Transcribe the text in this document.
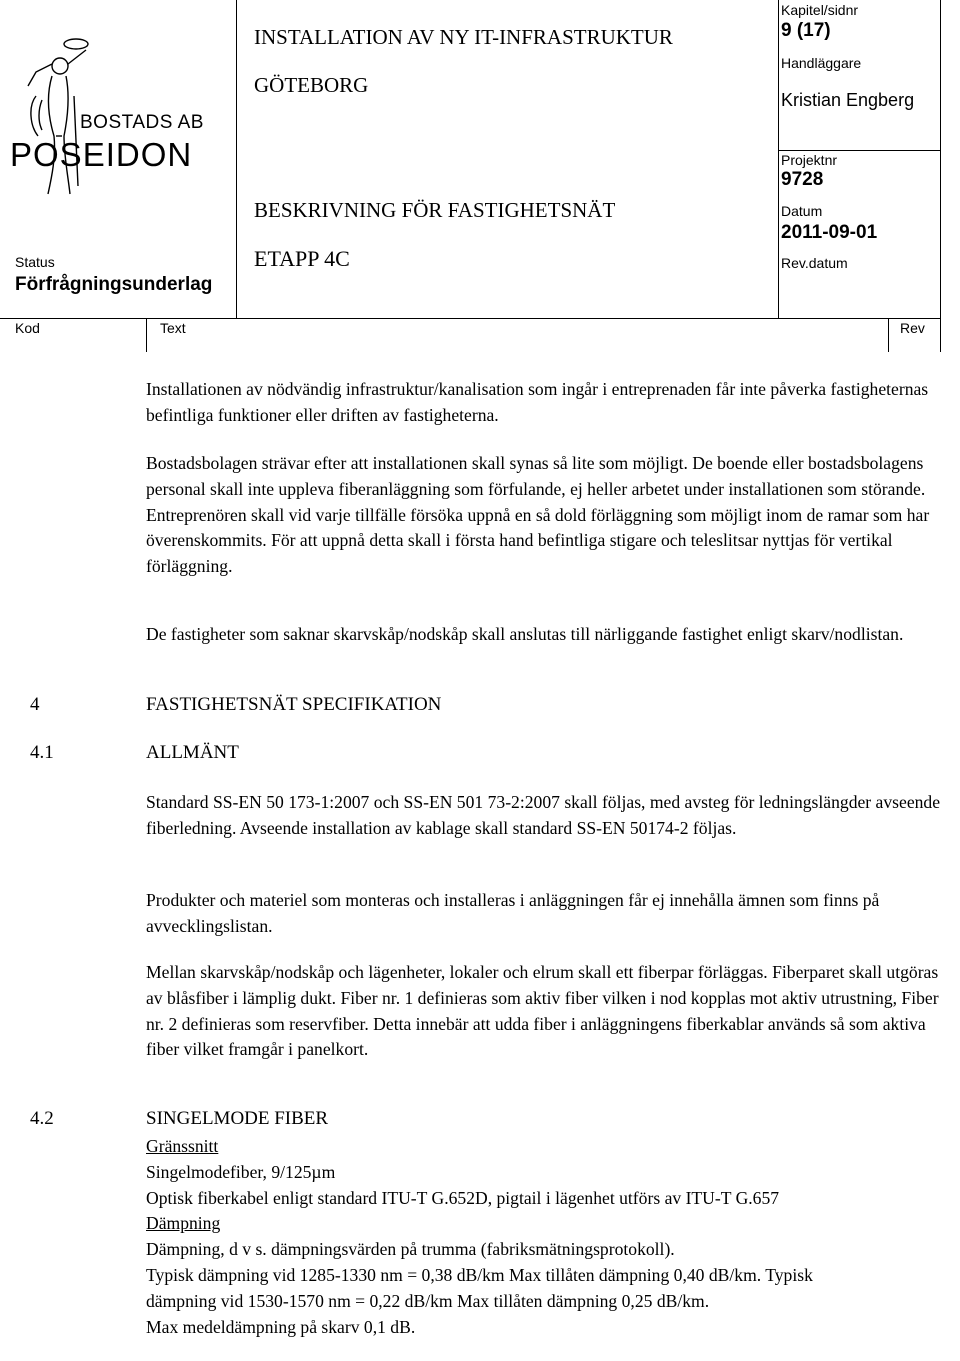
BOSTADS AB
POSEIDON
Status
Förfrågningsunderlag
INSTALLATION AV NY IT-INFRASTRUKTUR
GÖTEBORG
BESKRIVNING FÖR FASTIGHETSNÄT
ETAPP 4C
Kapitel/sidnr
9 (17)
Handläggare
Kristian Engberg
Projektnr
9728
Datum
2011-09-01
Rev.datum
Kod	Text	Rev

Installationen av nödvändig infrastruktur/kanalisation som ingår i entreprenaden får inte påverka fastigheternas befintliga funktioner eller driften av fastigheterna.

Bostadsbolagen strävar efter att installationen skall synas så lite som möjligt. De boende eller bostadsbolagens personal skall inte uppleva fiberanläggning som förfulande, ej heller arbetet under installationen som störande. Entreprenören skall vid varje tillfälle försöka uppnå en så dold förläggning som möjligt inom de ramar som har överenskommits. För att uppnå detta skall i första hand befintliga stigare och teleslitsar nyttjas för vertikal förläggning.

De fastigheter som saknar skarvskåp/nodskåp skall anslutas till närliggande fastighet enligt skarv/nodlistan.

4	FASTIGHETSNÄT SPECIFIKATION
4.1	ALLMÄNT

Standard SS-EN 50 173-1:2007 och SS-EN 501 73-2:2007 skall följas, med avsteg för ledningslängder avseende fiberledning. Avseende installation av kablage skall standard SS-EN 50174-2 följas.

Produkter och materiel som monteras och installeras i anläggningen får ej innehålla ämnen som finns på avvecklingslistan.

Mellan skarvskåp/nodskåp och lägenheter, lokaler och elrum skall ett fiberpar förläggas. Fiberparet skall utgöras av blåsfiber i lämplig dukt. Fiber nr. 1 definieras som aktiv fiber vilken i nod kopplas mot aktiv utrustning, Fiber nr. 2 definieras som reservfiber. Detta innebär att udda fiber i anläggningens fiberkablar används så som aktiva fiber vilket framgår i panelkort.

4.2	SINGELMODE FIBER

Gränssnitt

Singelmodefiber, 9/125µm

Optisk fiberkabel enligt standard ITU-T G.652D, pigtail i lägenhet utförs av ITU-T G.657

Dämpning

Dämpning, d v s. dämpningsvärden på trumma (fabriksmätningsprotokoll).

Typisk dämpning vid 1285-1330 nm = 0,38 dB/km Max tillåten dämpning 0,40 dB/km. Typisk dämpning vid 1530-1570 nm = 0,22 dB/km Max tillåten dämpning 0,25 dB/km.

Max medeldämpning på skarv 0,1 dB.
